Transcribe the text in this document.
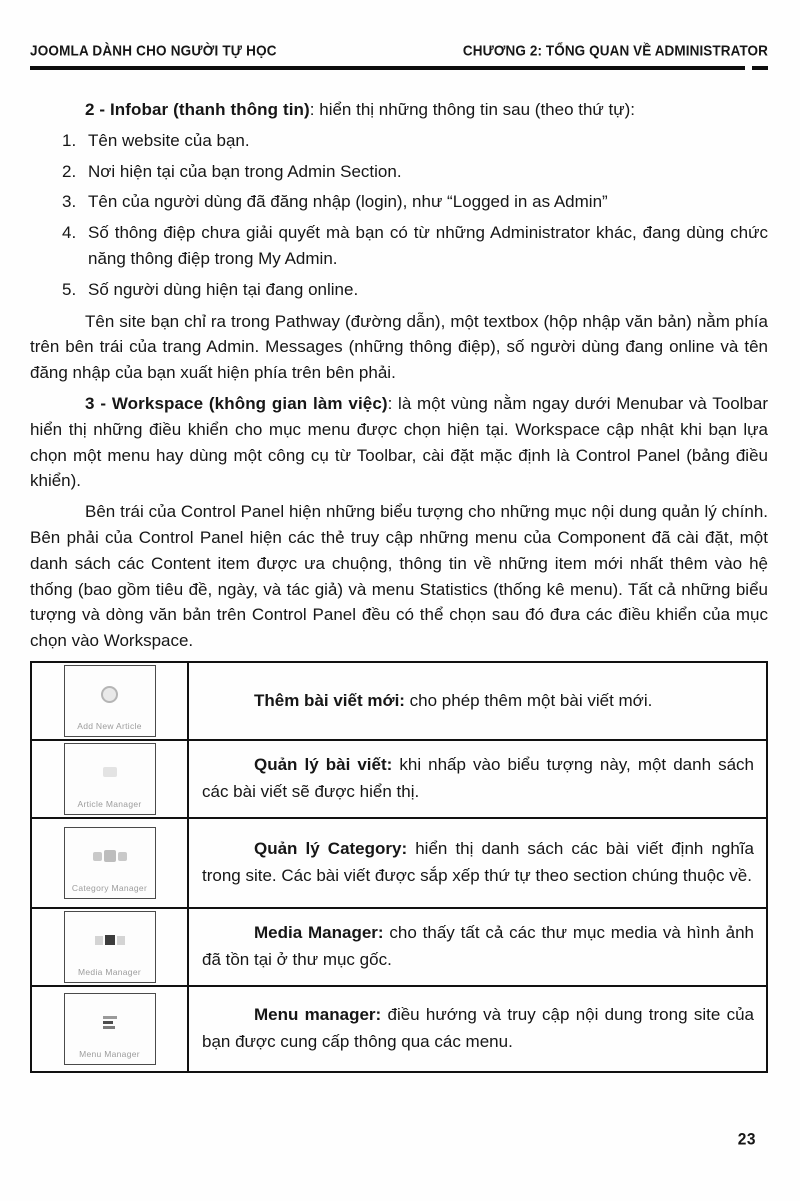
JOOMLA DÀNH CHO NGƯỜI TỰ HỌC	CHƯƠNG 2: TỔNG QUAN VỀ ADMINISTRATOR

2 - Infobar (thanh thông tin): hiển thị những thông tin sau (theo thứ tự):

1. Tên website của bạn.
2. Nơi hiện tại của bạn trong Admin Section.
3. Tên của người dùng đã đăng nhập (login), như “Logged in as Admin”
4. Số thông điệp chưa giải quyết mà bạn có từ những Administrator khác, đang dùng chức năng thông điệp trong My Admin.
5. Số người dùng hiện tại đang online.

Tên site bạn chỉ ra trong Pathway (đường dẫn), một textbox (hộp nhập văn bản) nằm phía trên bên trái của trang Admin. Messages (những thông điệp), số người dùng đang online và tên đăng nhập của bạn xuất hiện phía trên bên phải.

3 - Workspace (không gian làm việc): là một vùng nằm ngay dưới Menubar và Toolbar hiển thị những điều khiển cho mục menu được chọn hiện tại. Workspace cập nhật khi bạn lựa chọn một menu hay dùng một công cụ từ Toolbar, cài đặt mặc định là Control Panel (bảng điều khiển).

Bên trái của Control Panel hiện những biểu tượng cho những mục nội dung quản lý chính. Bên phải của Control Panel hiện các thẻ truy cập những menu của Component đã cài đặt, một danh sách các Content item được ưa chuộng, thông tin về những item mới nhất thêm vào hệ thống (bao gồm tiêu đề, ngày, và tác giả) và menu Statistics (thống kê menu). Tất cả những biểu tượng và dòng văn bản trên Control Panel đều có thể chọn sau đó đưa các điều khiển của mục chọn vào Workspace.

Add New Article
Thêm bài viết mới: cho phép thêm một bài viết mới.
Article Manager
Quản lý bài viết: khi nhấp vào biểu tượng này, một danh sách các bài viết sẽ được hiển thị.
Category Manager
Quản lý Category: hiển thị danh sách các bài viết định nghĩa trong site. Các bài viết được sắp xếp thứ tự theo section chúng thuộc về.
Media Manager
Media Manager: cho thấy tất cả các thư mục media và hình ảnh đã tồn tại ở thư mục gốc.
Menu Manager
Menu manager: điều hướng và truy cập nội dung trong site của bạn được cung cấp thông qua các menu.
23
